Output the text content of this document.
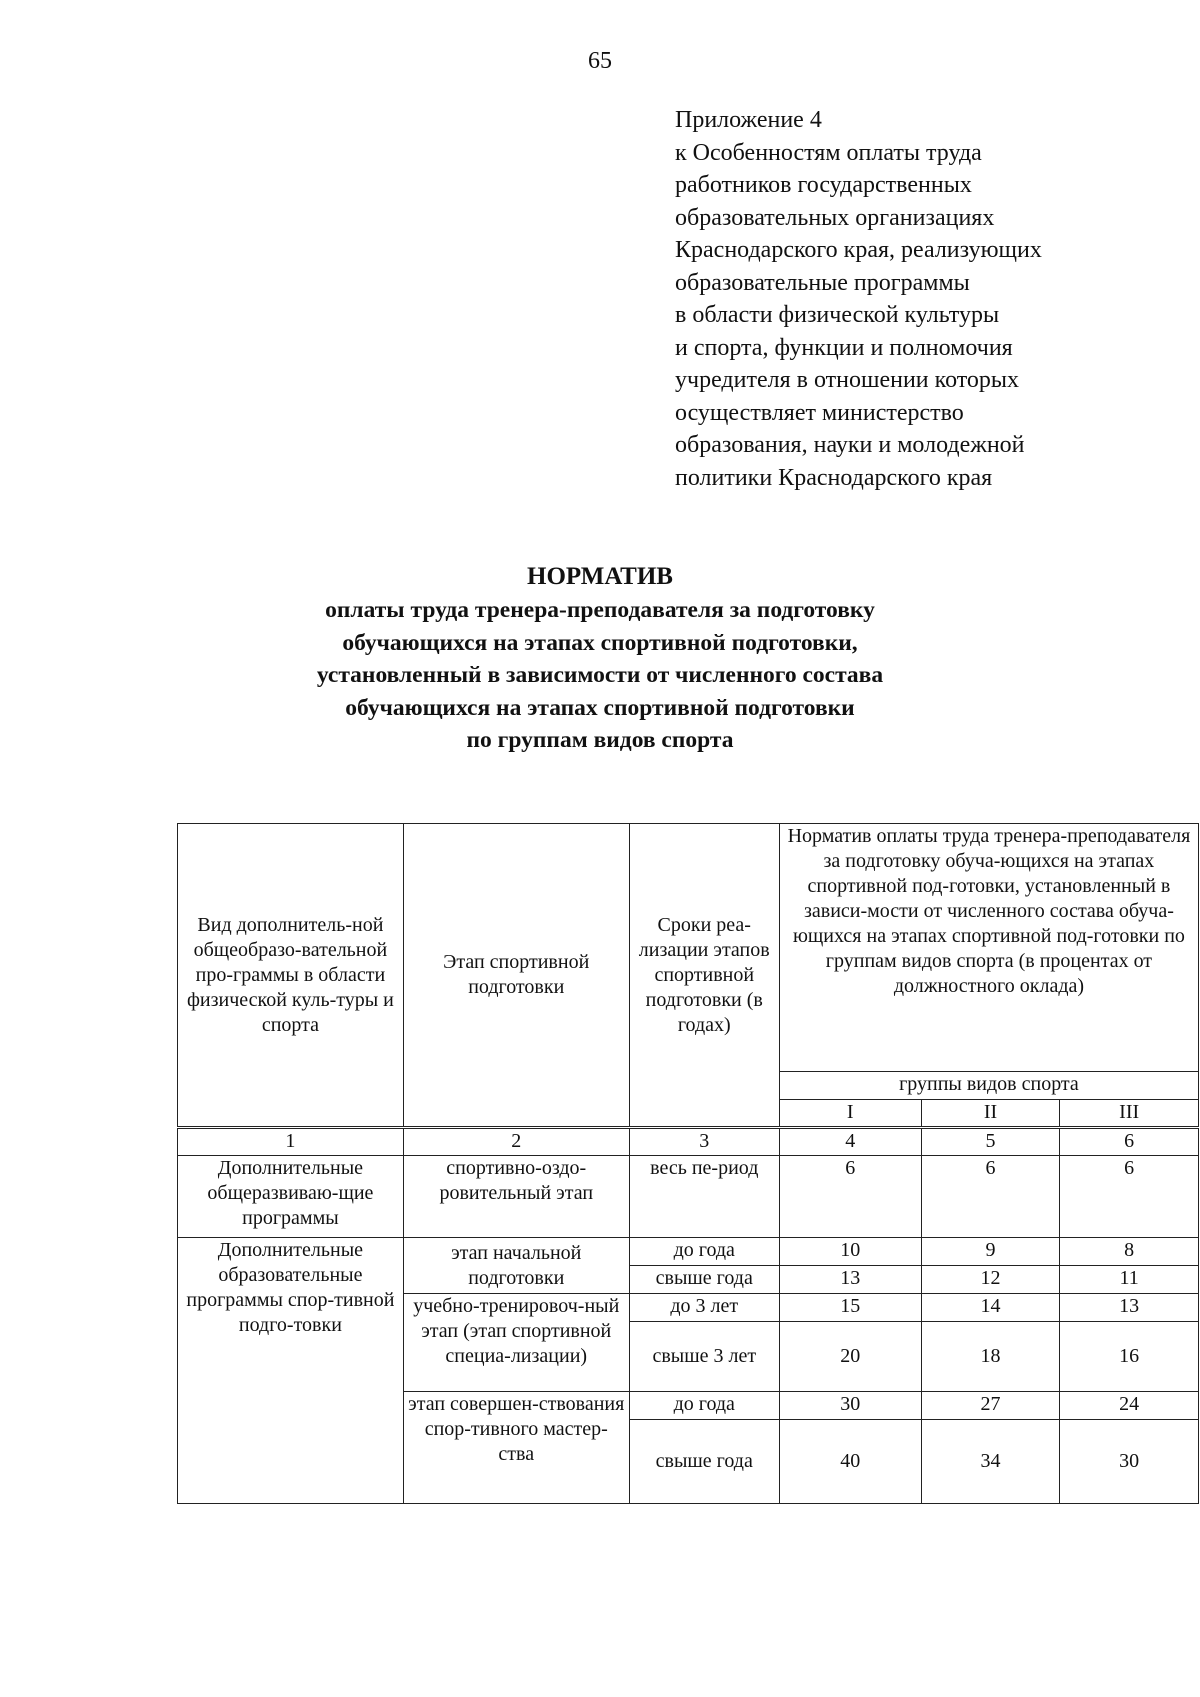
65
Приложение 4
к Особенностям оплаты труда
работников государственных
образовательных организациях
Краснодарского края, реализующих
образовательные программы
в области физической культуры
и спорта, функции и полномочия
учредителя в отношении которых
осуществляет министерство
образования, науки и молодежной
политики Краснодарского края
НОРМАТИВ
оплаты труда тренера-преподавателя за подготовку
обучающихся на этапах спортивной подготовки,
установленный в зависимости от численного состава
обучающихся на этапах спортивной подготовки
по группам видов спорта
Вид дополнитель-ной общеобразо-вательной про-граммы в области физической куль-туры и спорта	Этап спортивной подготовки	Сроки реа-лизации этапов спортивной подготовки (в годах)	Норматив оплаты труда тренера-преподавателя за подготовку обуча-ющихся на этапах спортивной под-готовки, установленный в зависи-мости от численного состава обуча-ющихся на этапах спортивной под-готовки по группам видов спорта (в процентах от должностного оклада)		
			группы видов спорта		
			I	II	III
1	2	3	4	5	6
Дополнительные общеразвиваю-щие программы	спортивно-оздо-ровительный этап	весь пе-риод	6	6	6
Дополнительные образовательные программы спор-тивной подго-товки	этап начальной подготовки	до года	10	9	8
		свыше года	13	12	11
	учебно-тренировоч-ный этап (этап спортивной специа-лизации)	до 3 лет	15	14	13
		свыше 3 лет	20	18	16
	этап совершен-ствования спор-тивного мастер-ства	до года	30	27	24
		свыше года	40	34	30
